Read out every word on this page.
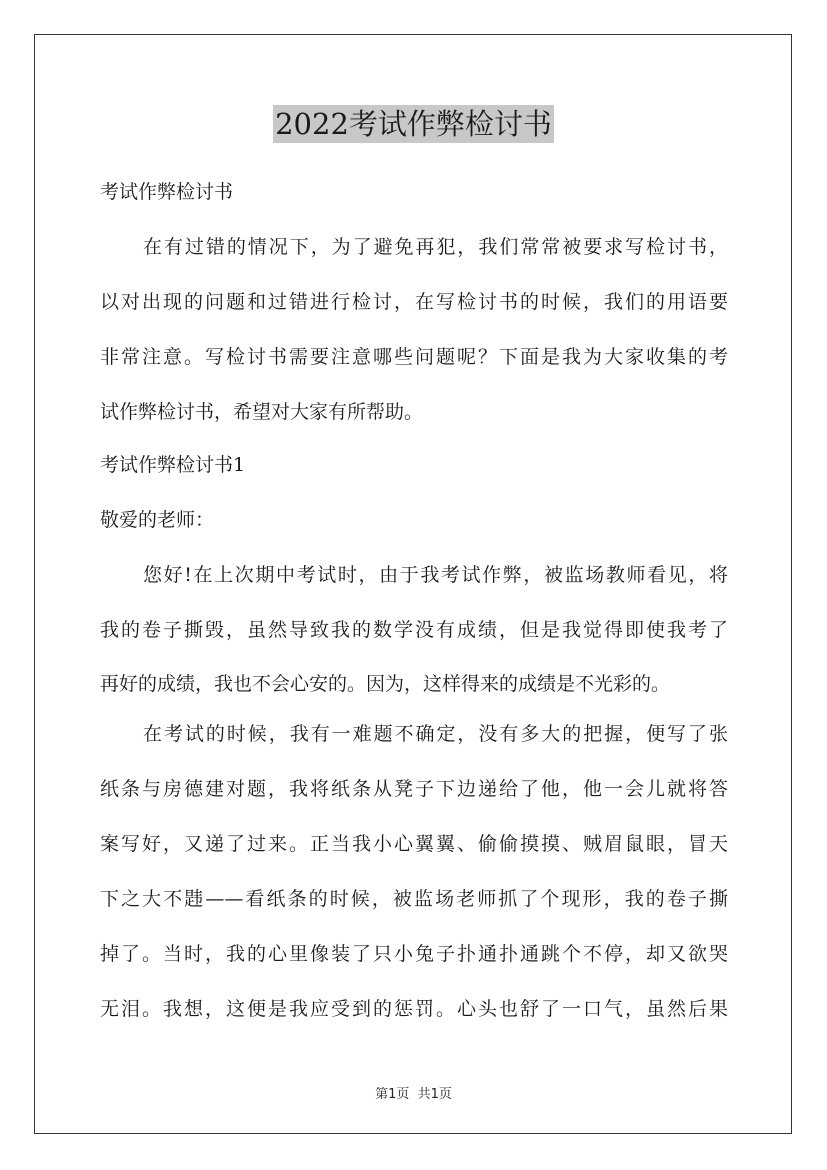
2022考试作弊检讨书

考试作弊检讨书

在有过错的情况下，为了避免再犯，我们常常被要求写检讨书，

以对出现的问题和过错进行检讨，在写检讨书的时候，我们的用语要

非常注意。写检讨书需要注意哪些问题呢？下面是我为大家收集的考

试作弊检讨书，希望对大家有所帮助。

考试作弊检讨书1

敬爱的老师：

您好!在上次期中考试时，由于我考试作弊，被监场教师看见，将

我的卷子撕毁，虽然导致我的数学没有成绩，但是我觉得即使我考了

再好的成绩，我也不会心安的。因为，这样得来的成绩是不光彩的。

在考试的时候，我有一难题不确定，没有多大的把握，便写了张

纸条与房德建对题，我将纸条从凳子下边递给了他，他一会儿就将答

案写好，又递了过来。正当我小心翼翼、偷偷摸摸、贼眉鼠眼，冒天

下之大不韪——看纸条的时候，被监场老师抓了个现形，我的卷子撕

掉了。当时，我的心里像装了只小兔子扑通扑通跳个不停，却又欲哭

无泪。我想，这便是我应受到的惩罚。心头也舒了一口气，虽然后果

第1页  共1页
